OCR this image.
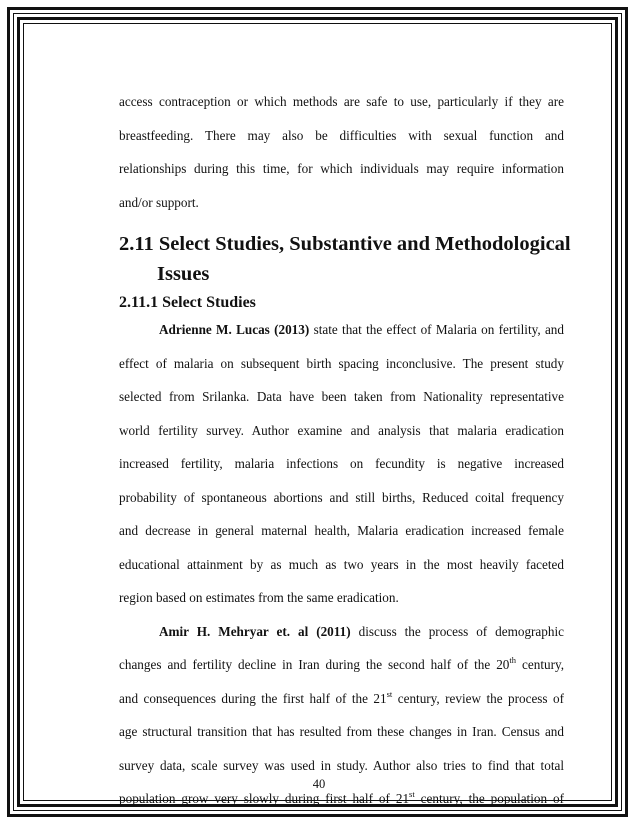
access contraception or which methods are safe to use, particularly if they are
breastfeeding. There may also be difficulties with sexual function and
relationships during this time, for which individuals may require information
and/or support.
2.11 Select Studies, Substantive and Methodological
Issues
2.11.1 Select Studies
Adrienne M. Lucas (2013) state that the effect of Malaria on fertility, and
effect of malaria on subsequent birth spacing inconclusive. The present study
selected from Srilanka. Data have been taken from Nationality representative
world fertility survey. Author examine and analysis that malaria eradication
increased fertility, malaria infections on fecundity is negative increased
probability of spontaneous abortions and still births, Reduced coital frequency
and decrease in general maternal health, Malaria eradication increased female
educational attainment by as much as two years in the most heavily faceted
region based on estimates from the same eradication.
Amir H. Mehryar et. al (2011) discuss the process of demographic
changes and fertility decline in Iran during the second half of the 20th century,
and consequences during the first half of the 21st century, review the process of
age structural transition that has resulted from these changes in Iran. Census and
survey data, scale survey was used in study. Author also tries to find that total
population grow very slowly during first half of 21st century, the population of
40
